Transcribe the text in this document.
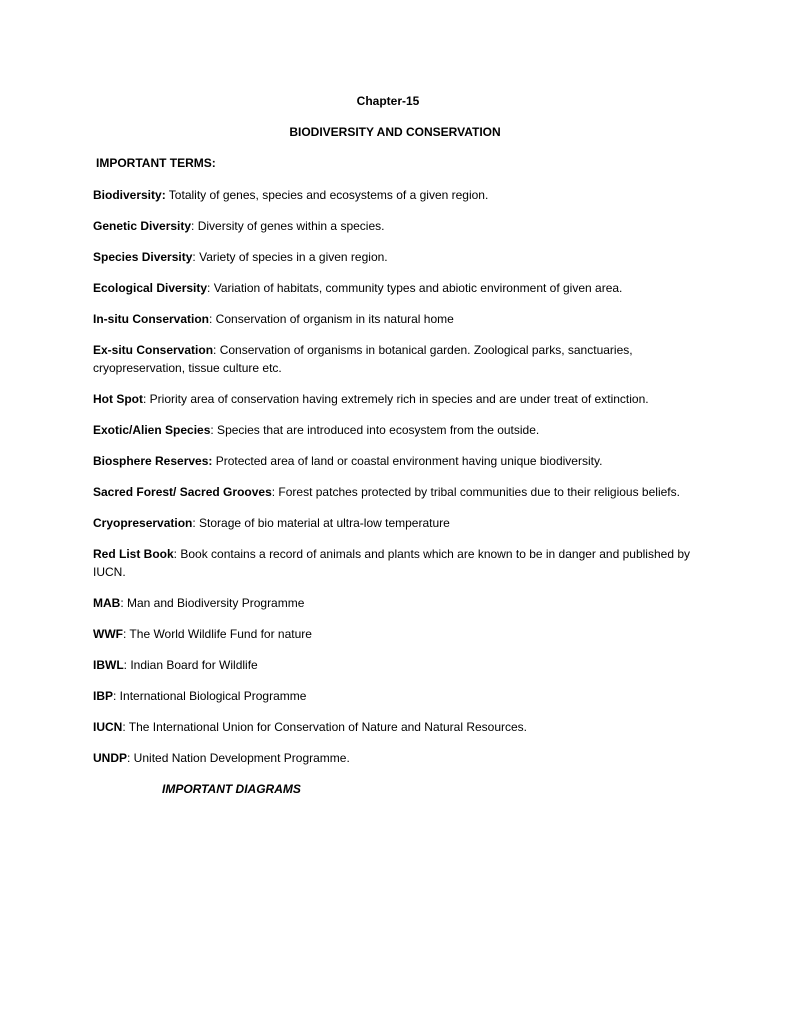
Chapter-15
BIODIVERSITY AND CONSERVATION
IMPORTANT TERMS:
Biodiversity: Totality of genes, species and ecosystems of a given region.
Genetic Diversity: Diversity of genes within a species.
Species Diversity: Variety of species in a given region.
Ecological Diversity: Variation of habitats, community types and abiotic environment of given area.
In-situ Conservation: Conservation of organism in its natural home
Ex-situ Conservation: Conservation of organisms in botanical garden. Zoological parks, sanctuaries, cryopreservation, tissue culture etc.
Hot Spot: Priority area of conservation having extremely rich in species and are under treat of extinction.
Exotic/Alien Species: Species that are introduced into ecosystem from the outside.
Biosphere Reserves: Protected area of land or coastal environment having unique biodiversity.
Sacred Forest/ Sacred Grooves: Forest patches protected by tribal communities due to their religious beliefs.
Cryopreservation: Storage of bio material at ultra-low temperature
Red List Book: Book contains a record of animals and plants which are known to be in danger and published by IUCN.
MAB: Man and Biodiversity Programme
WWF: The World Wildlife Fund for nature
IBWL: Indian Board for Wildlife
IBP: International Biological Programme
IUCN: The International Union for Conservation of Nature and Natural Resources.
UNDP: United Nation Development Programme.
IMPORTANT DIAGRAMS
